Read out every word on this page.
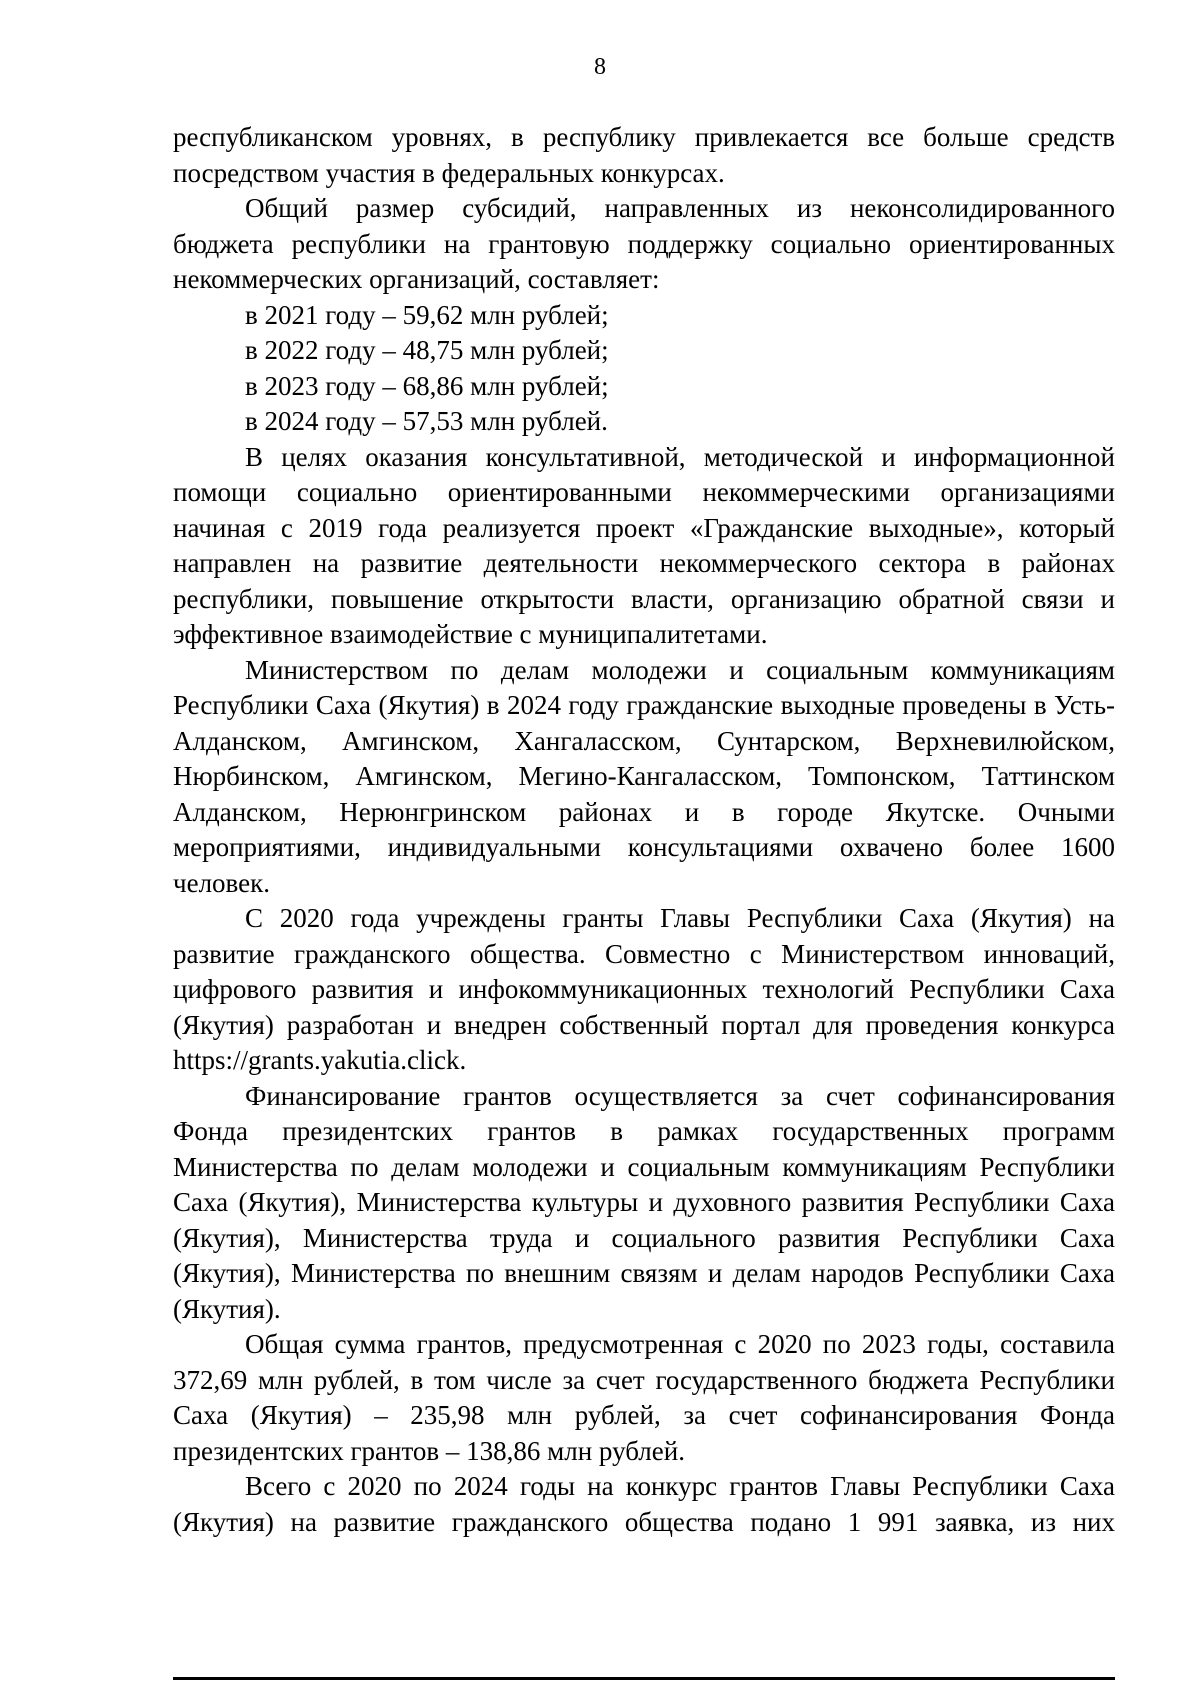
8

республиканском уровнях, в республику привлекается все больше средств посредством участия в федеральных конкурсах.

Общий размер субсидий, направленных из неконсолидированного бюджета республики на грантовую поддержку социально ориентированных некоммерческих организаций, составляет:

в 2021 году – 59,62 млн рублей;

в 2022 году – 48,75 млн рублей;

в 2023 году – 68,86 млн рублей;

в 2024 году – 57,53 млн рублей.

В целях оказания консультативной, методической и информационной помощи социально ориентированными некоммерческими организациями начиная с 2019 года реализуется проект «Гражданские выходные», который направлен на развитие деятельности некоммерческого сектора в районах республики, повышение открытости власти, организацию обратной связи и эффективное взаимодействие с муниципалитетами.

Министерством по делам молодежи и социальным коммуникациям Республики Саха (Якутия) в 2024 году гражданские выходные проведены в Усть-Алданском, Амгинском, Хангаласском, Сунтарском, Верхневилюйском, Нюрбинском, Амгинском, Мегино-Кангаласском, Томпонском, Таттинском Алданском, Нерюнгринском районах и в городе Якутске. Очными мероприятиями, индивидуальными консультациями охвачено более 1600 человек.

С 2020 года учреждены гранты Главы Республики Саха (Якутия) на развитие гражданского общества. Совместно с Министерством инноваций, цифрового развития и инфокоммуникационных технологий Республики Саха (Якутия) разработан и внедрен собственный портал для проведения конкурса https://grants.yakutia.click.

Финансирование грантов осуществляется за счет софинансирования Фонда президентских грантов в рамках государственных программ Министерства по делам молодежи и социальным коммуникациям Республики Саха (Якутия), Министерства культуры и духовного развития Республики Саха (Якутия), Министерства труда и социального развития Республики Саха (Якутия), Министерства по внешним связям и делам народов Республики Саха (Якутия).

Общая сумма грантов, предусмотренная с 2020 по 2023 годы, составила 372,69 млн рублей, в том числе за счет государственного бюджета Республики Саха (Якутия) – 235,98 млн рублей, за счет софинансирования Фонда президентских грантов – 138,86 млн рублей.

Всего с 2020 по 2024 годы на конкурс грантов Главы Республики Саха (Якутия) на развитие гражданского общества подано 1 991 заявка, из них
